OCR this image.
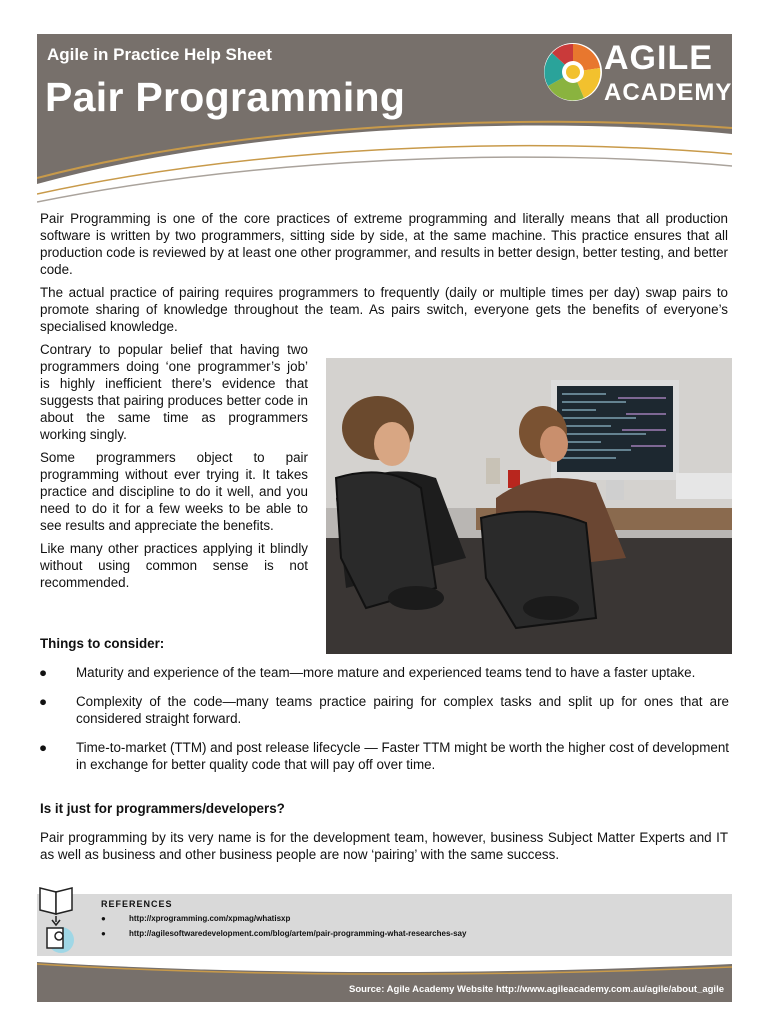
Agile in Practice Help Sheet
Pair Programming
AGILE
ACADEMY
Pair Programming is one of the core practices of extreme programming and literally means that all production software is written by two programmers, sitting side by side, at the same machine. This practice ensures that all production code is reviewed by at least one other programmer, and results in better design, better testing, and better code.
The actual practice of pairing requires programmers to frequently (daily or multiple times per day) swap pairs to promote sharing of knowledge throughout the team. As pairs switch, everyone gets the benefits of everyone’s specialised knowledge.

Contrary to popular belief that having two programmers doing ‘one programmer’s job’ is highly inefficient there’s evidence that suggests that pairing produces better code in about the same time as programmers working singly.

Some programmers object to pair programming without ever trying it. It takes practice and discipline to do it well, and you need to do it for a few weeks to be able to see results and appreciate the benefits.

Like many other practices applying it blindly without using common sense is not recommended.

Things to consider:
● Maturity and experience of the team—more mature and experienced teams tend to have a faster uptake.
● Complexity of the code—many teams practice pairing for complex tasks and split up for ones that are considered straight forward.
● Time-to-market (TTM) and post release lifecycle — Faster TTM might be worth the higher cost of development in exchange for better quality code that will pay off over time.
Is it just for programmers/developers?
Pair programming by its very name is for the development team, however, business Subject Matter Experts and IT as well as business and other business people are now ‘pairing’ with the same success.
REFERENCES
●	http://xprogramming.com/xpmag/whatisxp
●	http://agilesoftwaredevelopment.com/blog/artem/pair-programming-what-researches-say
Source: Agile Academy Website http://www.agileacademy.com.au/agile/about_agile
